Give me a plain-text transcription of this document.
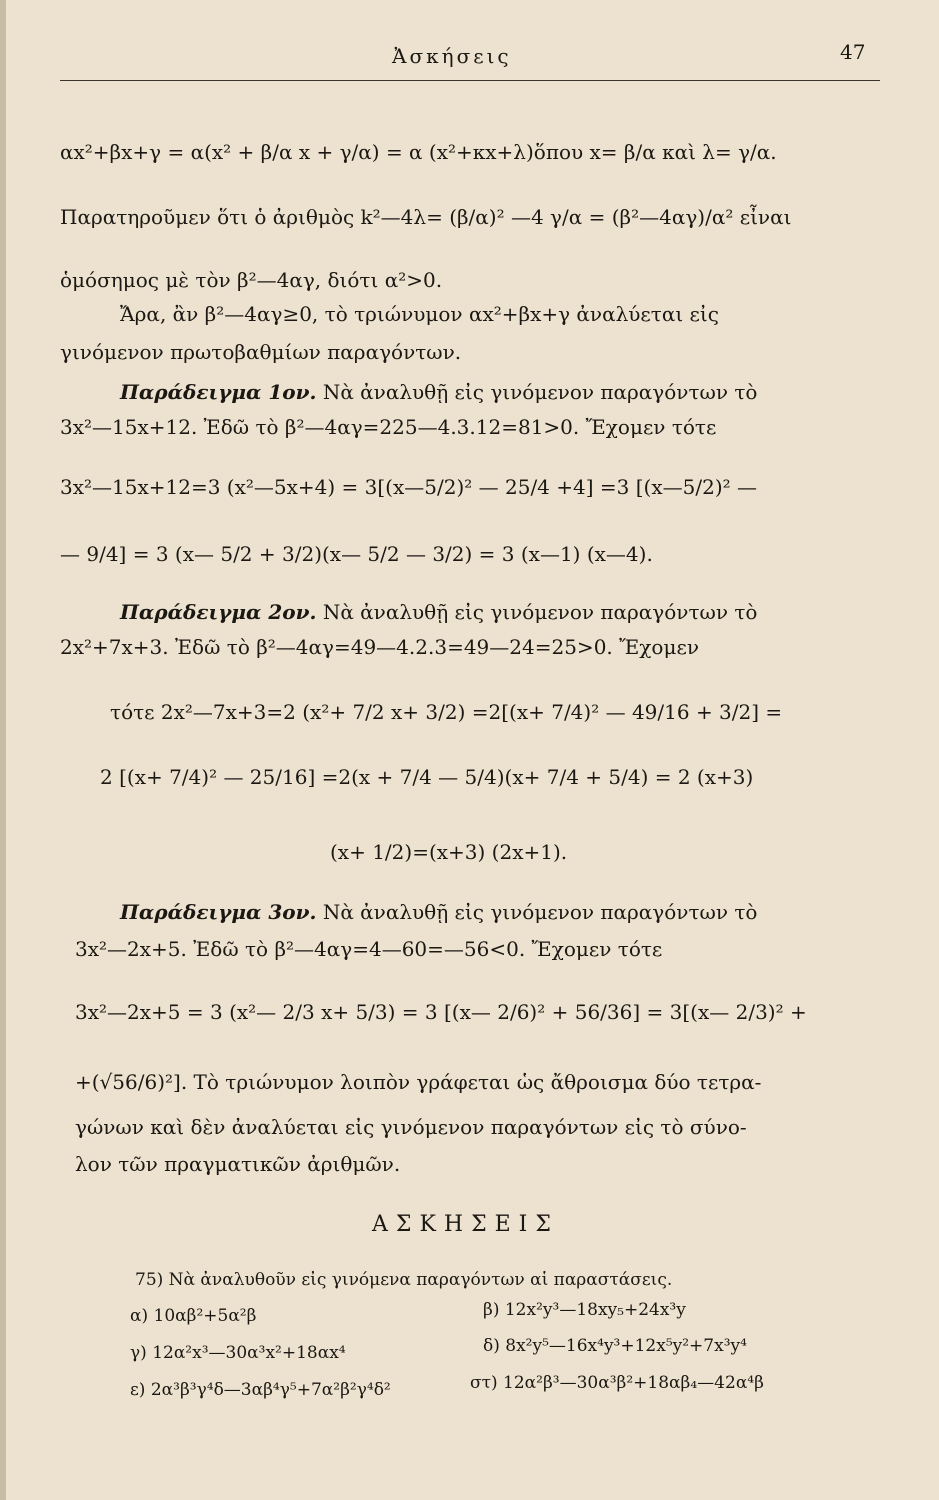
Ἀσκήσεις	47
αx²+βx+γ = α(x² + β/α x + γ/α) = α (x²+κx+λ)ὅπου x= β/α καὶ λ= γ/α.
Παρατηροῦμεν ὅτι ὁ ἀριθμὸς k²—4λ= (β/α)² —4 γ/α = (β²—4αγ)/α² εἶναι
ὁμόσημος μὲ τὸν β²—4αγ, διότι α²>0.
Ἄρα, ἂν β²—4αγ≥0, τὸ τριώνυμον αx²+βx+γ ἀναλύεται εἰς
γινόμενον πρωτοβαθμίων παραγόντων.
Παράδειγμα 1ον. Νὰ ἀναλυθῇ εἰς γινόμενον παραγόντων τὸ
3x²—15x+12. Ἐδῶ τὸ β²—4αγ=225—4.3.12=81>0. Ἔχομεν τότε
3x²—15x+12=3 (x²—5x+4) = 3[(x—5/2)² — 25/4 +4] =3 [(x—5/2)² —
— 9/4] = 3 (x— 5/2 + 3/2)(x— 5/2 — 3/2) = 3 (x—1) (x—4).
Παράδειγμα 2ον. Νὰ ἀναλυθῇ εἰς γινόμενον παραγόντων τὸ
2x²+7x+3. Ἐδῶ τὸ β²—4αγ=49—4.2.3=49—24=25>0. Ἔχομεν
τότε 2x²—7x+3=2 (x²+ 7/2 x+ 3/2) =2[(x+ 7/4)² — 49/16 + 3/2] =
2 [(x+ 7/4)² — 25/16] =2(x + 7/4 — 5/4)(x+ 7/4 + 5/4) = 2 (x+3)
(x+ 1/2)=(x+3) (2x+1).
Παράδειγμα 3ον. Νὰ ἀναλυθῇ εἰς γινόμενον παραγόντων τὸ
3x²—2x+5. Ἐδῶ τὸ β²—4αγ=4—60=—56<0. Ἔχομεν τότε
3x²—2x+5 = 3 (x²— 2/3 x+ 5/3) = 3 [(x— 2/6)² + 56/36] = 3[(x— 2/3)² +
+(√56/6)²]. Τὸ τριώνυμον λοιπὸν γράφεται ὡς ἄθροισμα δύο τετρα-
γώνων καὶ δὲν ἀναλύεται εἰς γινόμενον παραγόντων εἰς τὸ σύνο-
λον τῶν πραγματικῶν ἀριθμῶν.
ΑΣΚΗΣΕΙΣ
75) Νὰ ἀναλυθοῦν εἰς γινόμενα παραγόντων αἱ παραστάσεις.
α) 10αβ²+5α²β	β) 12x²y³—18xy₅+24x³y
γ) 12α²x³—30α³x²+18αx⁴	δ) 8x²y⁵—16x⁴y³+12x⁵y²+7x³y⁴
ε) 2α³β³γ⁴δ—3αβ⁴γ⁵+7α²β²γ⁴δ²	στ) 12α²β³—30α³β²+18αβ₄—42α⁴β
